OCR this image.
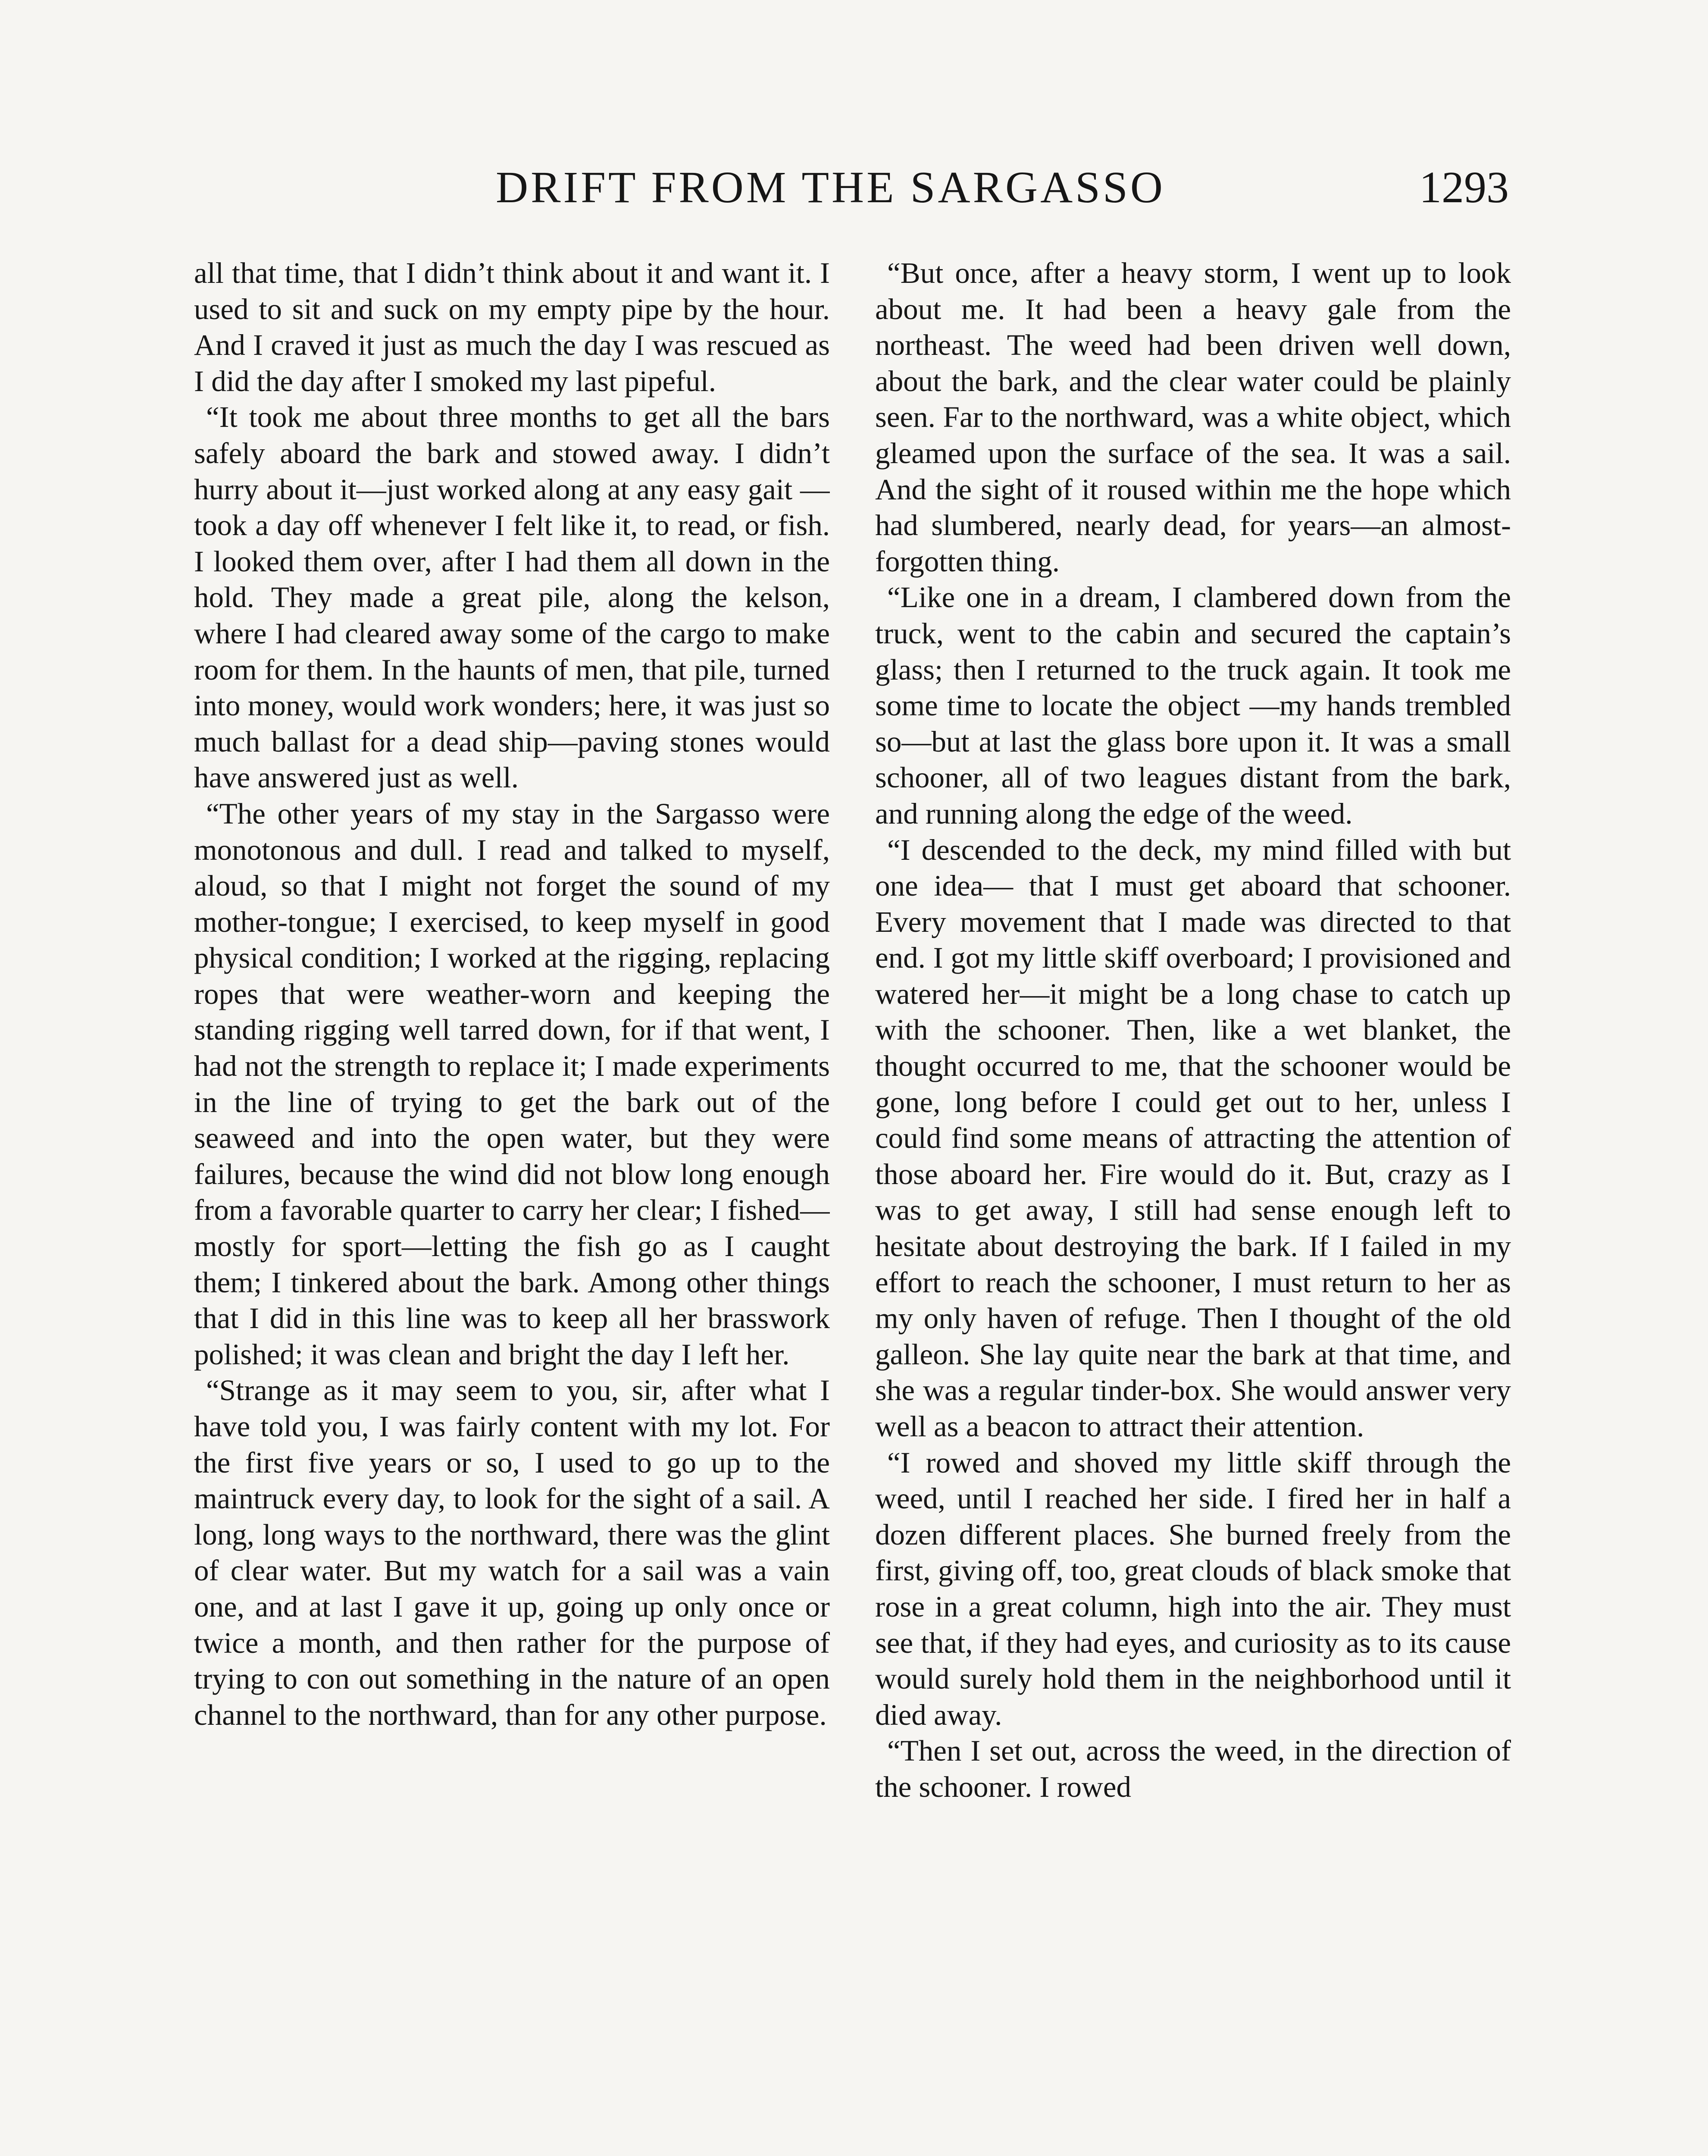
DRIFT FROM THE SARGASSO	1293

all that time, that I didn’t think about it and want it. I used to sit and suck on my empty pipe by the hour. And I craved it just as much the day I was rescued as I did the day after I smoked my last pipeful.

“It took me about three months to get all the bars safely aboard the bark and stowed away. I didn’t hurry about it—just worked along at any easy gait —took a day off whenever I felt like it, to read, or fish. I looked them over, after I had them all down in the hold. They made a great pile, along the kelson, where I had cleared away some of the cargo to make room for them. In the haunts of men, that pile, turned into money, would work wonders; here, it was just so much ballast for a dead ship—paving stones would have answered just as well.

“The other years of my stay in the Sargasso were monotonous and dull. I read and talked to myself, aloud, so that I might not forget the sound of my mother-tongue; I exercised, to keep myself in good physical condition; I worked at the rigging, replacing ropes that were weather-worn and keeping the standing rigging well tarred down, for if that went, I had not the strength to replace it; I made experiments in the line of trying to get the bark out of the seaweed and into the open water, but they were failures, because the wind did not blow long enough from a favorable quarter to carry her clear; I fished—mostly for sport—letting the fish go as I caught them; I tinkered about the bark. Among other things that I did in this line was to keep all her brasswork polished; it was clean and bright the day I left her.

“Strange as it may seem to you, sir, after what I have told you, I was fairly content with my lot. For the first five years or so, I used to go up to the maintruck every day, to look for the sight of a sail. A long, long ways to the northward, there was the glint of clear water. But my watch for a sail was a vain one, and at last I gave it up, going up only once or twice a month, and then rather for the purpose of trying to con out something in the nature of an open channel to the northward, than for any other purpose.

“But once, after a heavy storm, I went up to look about me. It had been a heavy gale from the northeast. The weed had been driven well down, about the bark, and the clear water could be plainly seen. Far to the northward, was a white object, which gleamed upon the surface of the sea. It was a sail. And the sight of it roused within me the hope which had slumbered, nearly dead, for years—an almost-forgotten thing.

“Like one in a dream, I clambered down from the truck, went to the cabin and secured the captain’s glass; then I returned to the truck again. It took me some time to locate the object —my hands trembled so—but at last the glass bore upon it. It was a small schooner, all of two leagues distant from the bark, and running along the edge of the weed.

“I descended to the deck, my mind filled with but one idea— that I must get aboard that schooner. Every movement that I made was directed to that end. I got my little skiff overboard; I provisioned and watered her—it might be a long chase to catch up with the schooner. Then, like a wet blanket, the thought occurred to me, that the schooner would be gone, long before I could get out to her, unless I could find some means of attracting the attention of those aboard her. Fire would do it. But, crazy as I was to get away, I still had sense enough left to hesitate about destroying the bark. If I failed in my effort to reach the schooner, I must return to her as my only haven of refuge. Then I thought of the old galleon. She lay quite near the bark at that time, and she was a regular tinder-box. She would answer very well as a beacon to attract their attention.

“I rowed and shoved my little skiff through the weed, until I reached her side. I fired her in half a dozen different places. She burned freely from the first, giving off, too, great clouds of black smoke that rose in a great column, high into the air. They must see that, if they had eyes, and curiosity as to its cause would surely hold them in the neighborhood until it died away.

“Then I set out, across the weed, in the direction of the schooner. I rowed
